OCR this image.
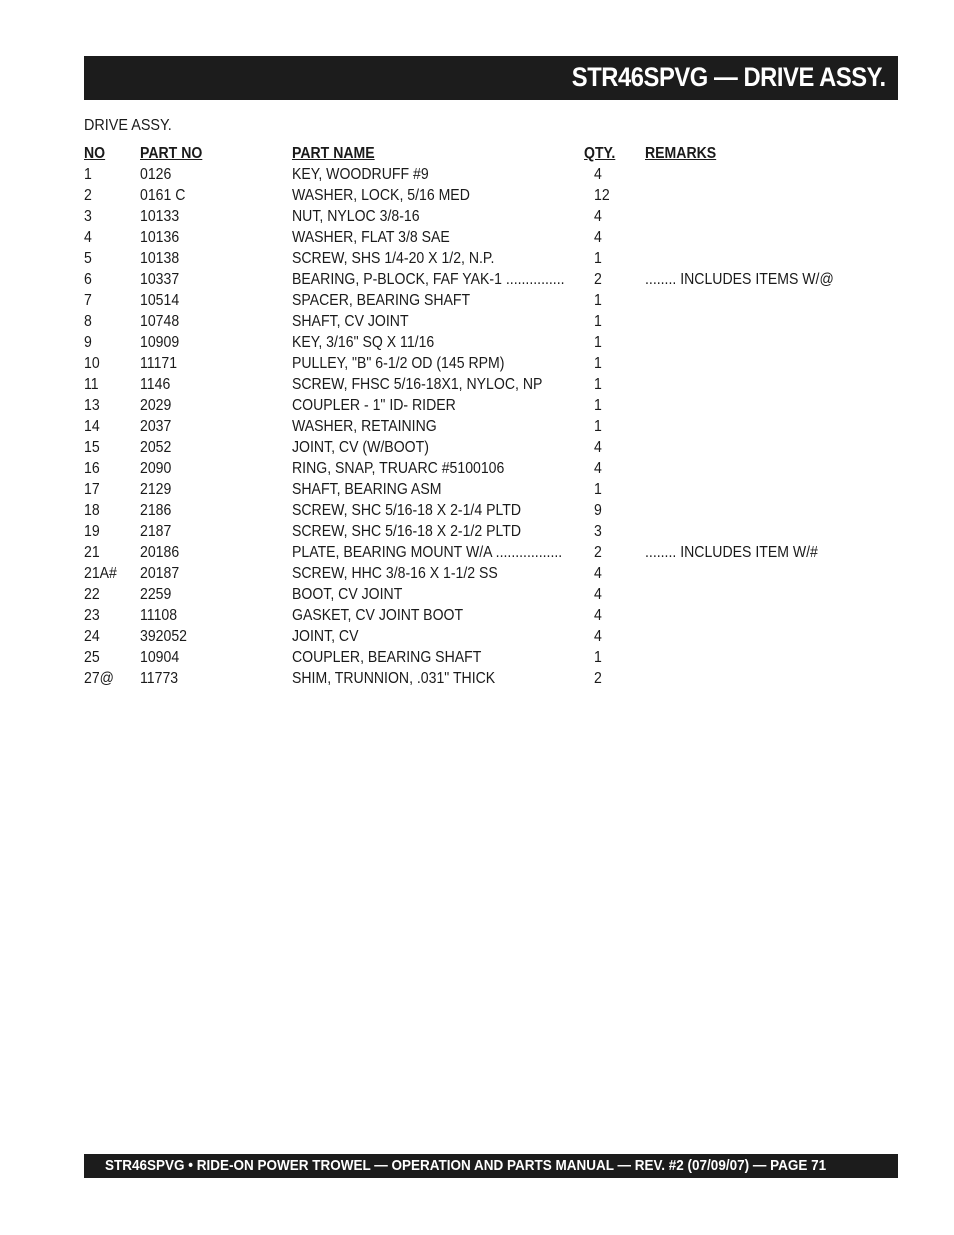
STR46SPVG — DRIVE ASSY.
DRIVE ASSY.
NO PART NO	PART NAME	QTY. REMARKS
1	0126	KEY, WOODRUFF #9	4
2	0161 C	WASHER, LOCK, 5/16 MED	12
3	10133	NUT, NYLOC 3/8-16	4
4	10136	WASHER, FLAT 3/8 SAE	4
5	10138	SCREW, SHS 1/4-20 X 1/2, N.P.	1
6	10337	BEARING, P-BLOCK, FAF YAK-1 ............... 2	........ INCLUDES ITEMS W/@
7	10514	SPACER, BEARING SHAFT	1
8	10748	SHAFT, CV JOINT	1
9	10909	KEY, 3/16" SQ X 11/16	1
10	11171	PULLEY, "B" 6-1/2 OD (145 RPM)	1
11	1146	SCREW, FHSC 5/16-18X1, NYLOC, NP	1
13	2029	COUPLER - 1" ID- RIDER	1
14	2037	WASHER, RETAINING	1
15	2052	JOINT, CV (W/BOOT)	4
16	2090	RING, SNAP, TRUARC #5100106	4
17	2129	SHAFT, BEARING ASM	1
18	2186	SCREW, SHC 5/16-18 X 2-1/4 PLTD	9
19	2187	SCREW, SHC 5/16-18 X 2-1/2 PLTD	3
21	20186	PLATE, BEARING MOUNT W/A ................. 2	........ INCLUDES ITEM W/#
21A# 20187	SCREW, HHC 3/8-16 X 1-1/2 SS	4
22	2259	BOOT, CV JOINT	4
23	11108	GASKET, CV JOINT BOOT	4
24	392052	JOINT, CV	4
25	10904	COUPLER, BEARING SHAFT	1
27@ 11773	SHIM, TRUNNION, .031" THICK	2
STR46SPVG • RIDE-ON POWER TROWEL — OPERATION AND PARTS MANUAL — REV. #2 (07/09/07) — PAGE 71
